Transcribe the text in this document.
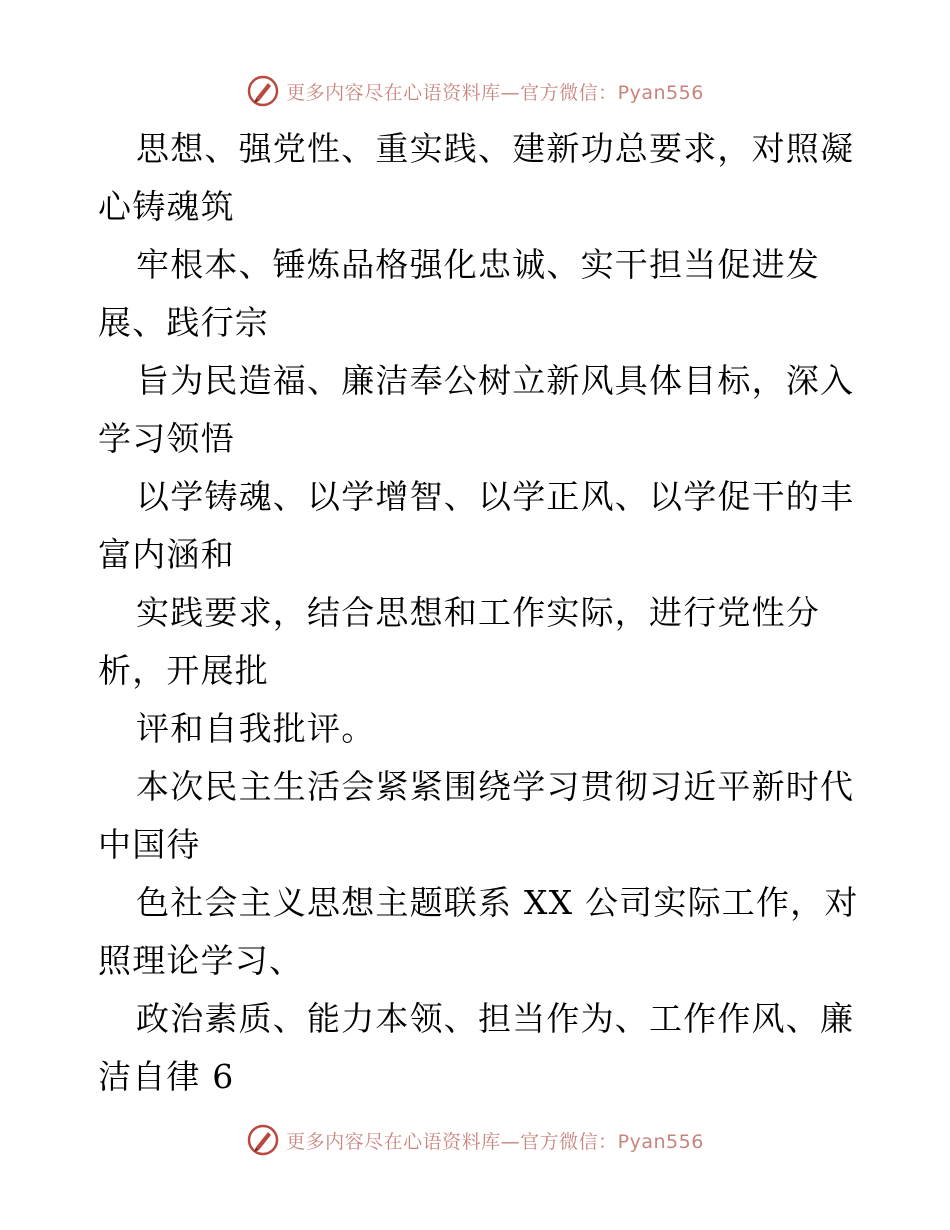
更多内容尽在心语资料库—官方微信：Pyan556
思想、强党性、重实践、建新功总要求，对照凝
心铸魂筑
牢根本、锤炼品格强化忠诚、实干担当促进发
展、践行宗
旨为民造福、廉洁奉公树立新风具体目标，深入
学习领悟
以学铸魂、以学增智、以学正风、以学促干的丰
富内涵和
实践要求，结合思想和工作实际，进行党性分
析，开展批
评和自我批评。
本次民主生活会紧紧围绕学习贯彻习近平新时代
中国待
色社会主义思想主题联系 XX 公司实际工作，对
照理论学习、
政治素质、能力本领、担当作为、工作作风、廉
洁自律 6
更多内容尽在心语资料库—官方微信：Pyan556
